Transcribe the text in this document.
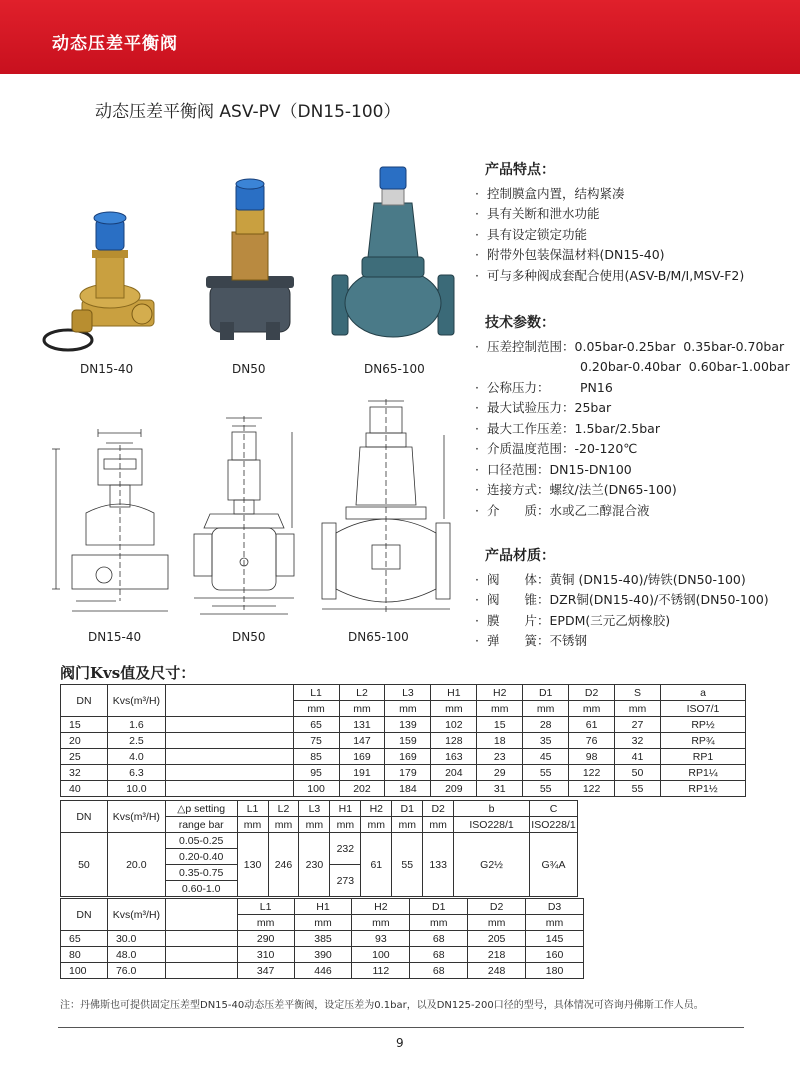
动态压差平衡阀
动态压差平衡阀 ASV-PV（DN15-100）
DN15-40	DN50	DN65-100
DN15-40	DN50	DN65-100
产品特点：
· 控制膜盒内置，结构紧凑
· 具有关断和泄水功能
· 具有设定锁定功能
· 附带外包装保温材料(DN15-40)
· 可与多种阀成套配合使用(ASV-B/M/I,MSV-F2)
技术参数：
· 压差控制范围：0.05bar-0.25bar  0.35bar-0.70bar
0.20bar-0.40bar  0.60bar-1.00bar
· 公称压力： PN16
· 最大试验压力：25bar
· 最大工作压差：1.5bar/2.5bar
· 介质温度范围：-20-120℃
· 口径范围：DN15-DN100
· 连接方式：螺纹/法兰(DN65-100)
· 介　　质：水或乙二醇混合液
产品材质：
· 阀　　体：黄铜 (DN15-40)/铸铁(DN50-100)
· 阀　　锥：DZR铜(DN15-40)/不锈钢(DN50-100)
· 膜　　片：EPDM(三元乙炳橡胶)
· 弹　　簧：不锈钢
阀门Kvs值及尺寸：
DN	Kvs(m³/H)		L1	L2	L3	H1	H2	D1	D2	S	a
			mm	mm	mm	mm	mm	mm	mm	mm	ISO7/1
15	1.6		65	131	139	102	15	28	61	27	RP½
20	2.5		75	147	159	128	18	35	76	32	RP¾
25	4.0		85	169	169	163	23	45	98	41	RP1
32	6.3		95	191	179	204	29	55	122	50	RP1¼
40	10.0		100	202	184	209	31	55	122	55	RP1½
DN	Kvs(m³/H)	△p setting	L1	L2	L3	H1	H2	D1	D2	b	C
		range bar	mm	mm	mm	mm	mm	mm	mm	ISO228/1	ISO228/1
50	20.0	0.05-0.25	130	246	230	232	61	55	133	G2½	G¾A
		0.20-0.40									
		0.35-0.75				273					
		0.60-1.0									
DN	Kvs(m³/H)		L1	H1	H2	D1	D2	D3
			mm	mm	mm	mm	mm	mm
65	30.0		290	385	93	68	205	145
80	48.0		310	390	100	68	218	160
100	76.0		347	446	112	68	248	180
注：丹佛斯也可提供固定压差型DN15-40动态压差平衡阀，设定压差为0.1bar，以及DN125-200口径的型号，具体情况可咨询丹佛斯工作人员。
9
